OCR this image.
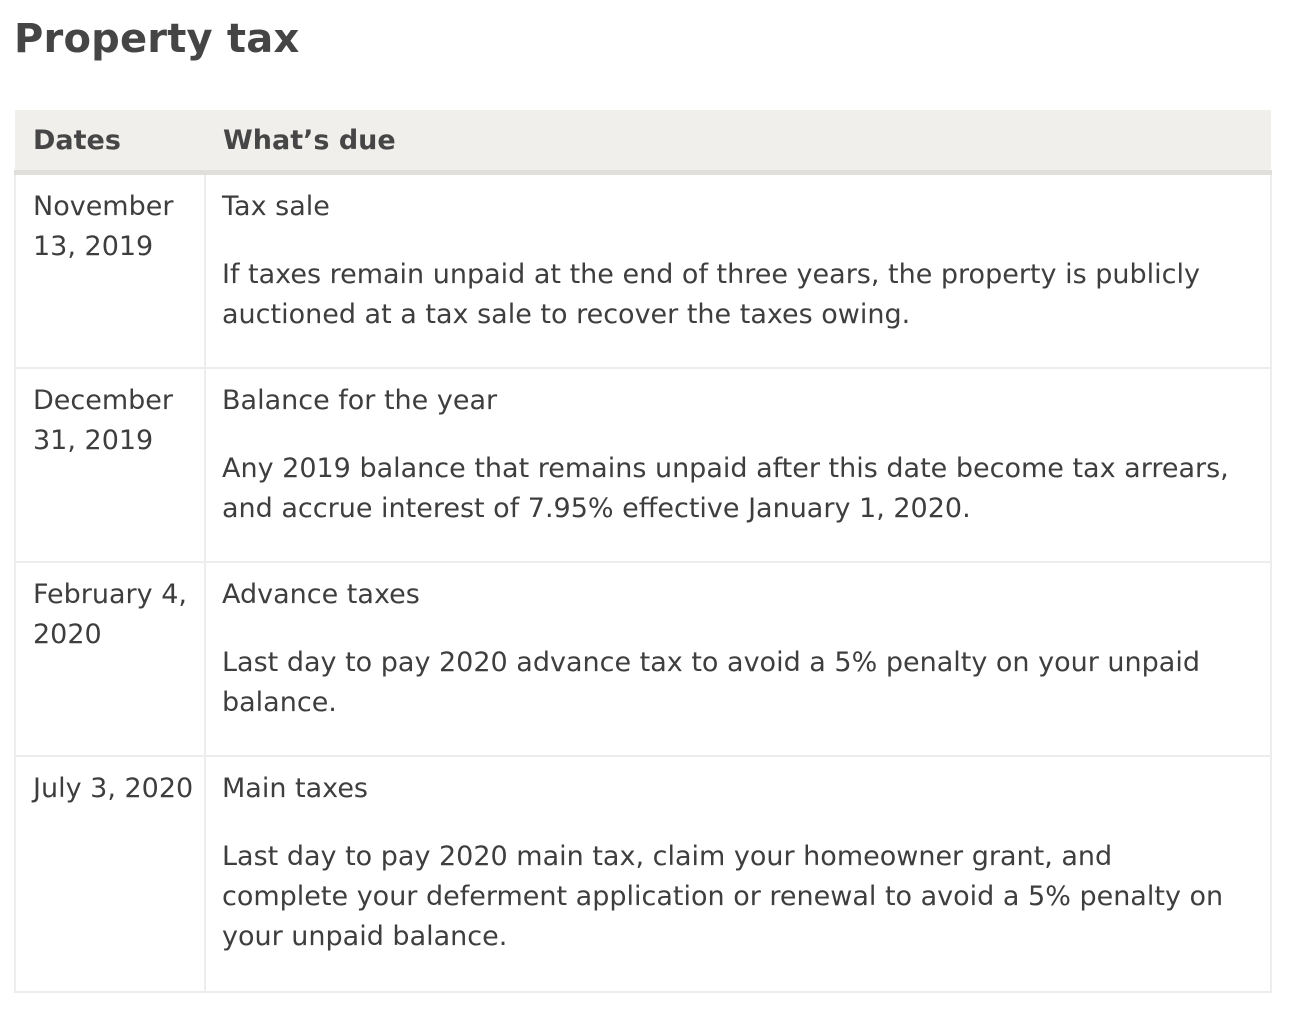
Property tax
Dates	What’s due
November 13, 2019	Tax sale
If taxes remain unpaid at the end of three years, the property is publicly auctioned at a tax sale to recover the taxes owing.

December 31, 2019	Balance for the year
Any 2019 balance that remains unpaid after this date become tax arrears, and accrue interest of 7.95% effective January 1, 2020.

February 4, 2020	Advance taxes
Last day to pay 2020 advance tax to avoid a 5% penalty on your unpaid balance.

July 3, 2020	Main taxes
Last day to pay 2020 main tax, claim your homeowner grant, and complete your deferment application or renewal to avoid a 5% penalty on your unpaid balance.
